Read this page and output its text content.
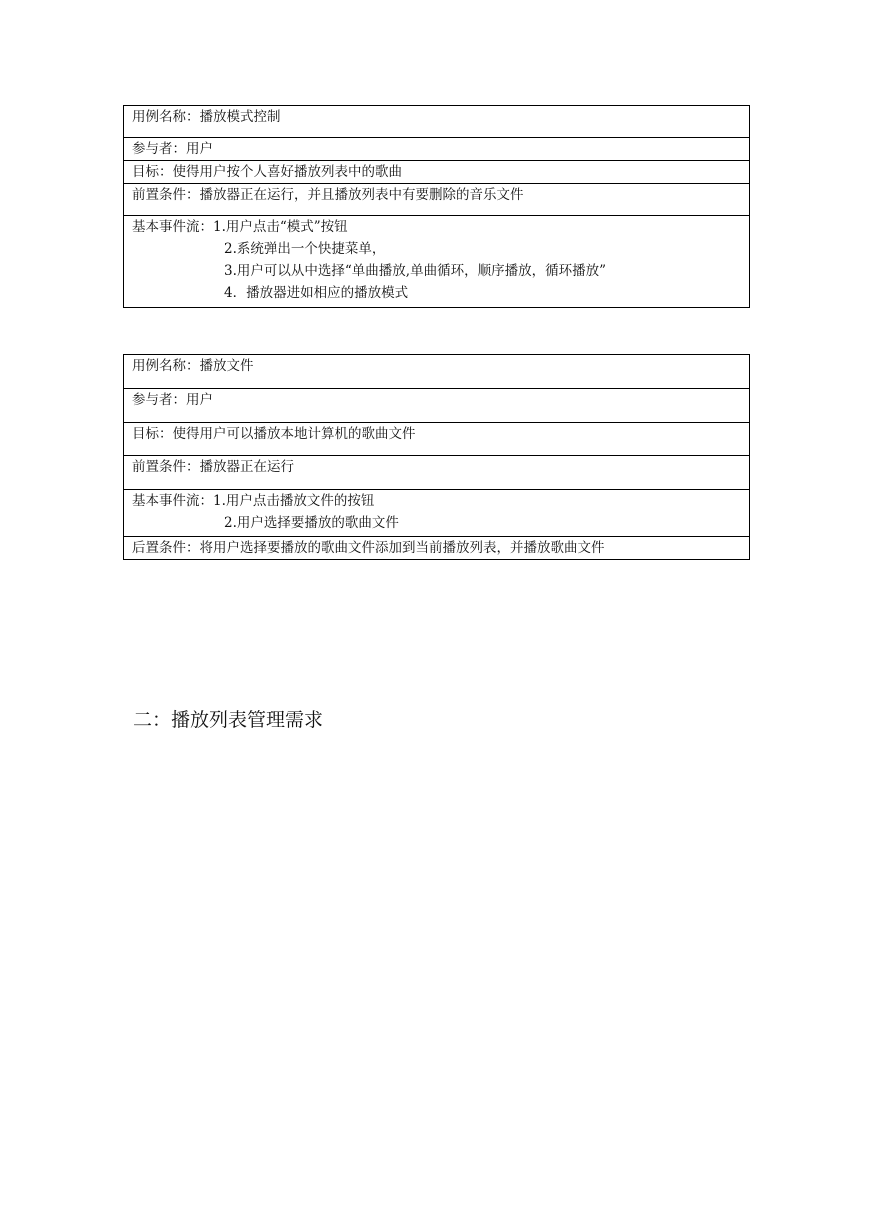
用例名称：播放模式控制
参与者：用户
目标：使得用户按个人喜好播放列表中的歌曲
前置条件：播放器正在运行，并且播放列表中有要删除的音乐文件

基本事件流：1.用户点击“模式”按钮
2.系统弹出一个快捷菜单，
3.用户可以从中选择“单曲播放,单曲循环，顺序播放，循环播放”
4．播放器进如相应的播放模式
用例名称：播放文件
参与者：用户
目标：使得用户可以播放本地计算机的歌曲文件
前置条件：播放器正在运行

基本事件流：1.用户点击播放文件的按钮
2.用户选择要播放的歌曲文件

后置条件：将用户选择要播放的歌曲文件添加到当前播放列表，并播放歌曲文件
二：播放列表管理需求
